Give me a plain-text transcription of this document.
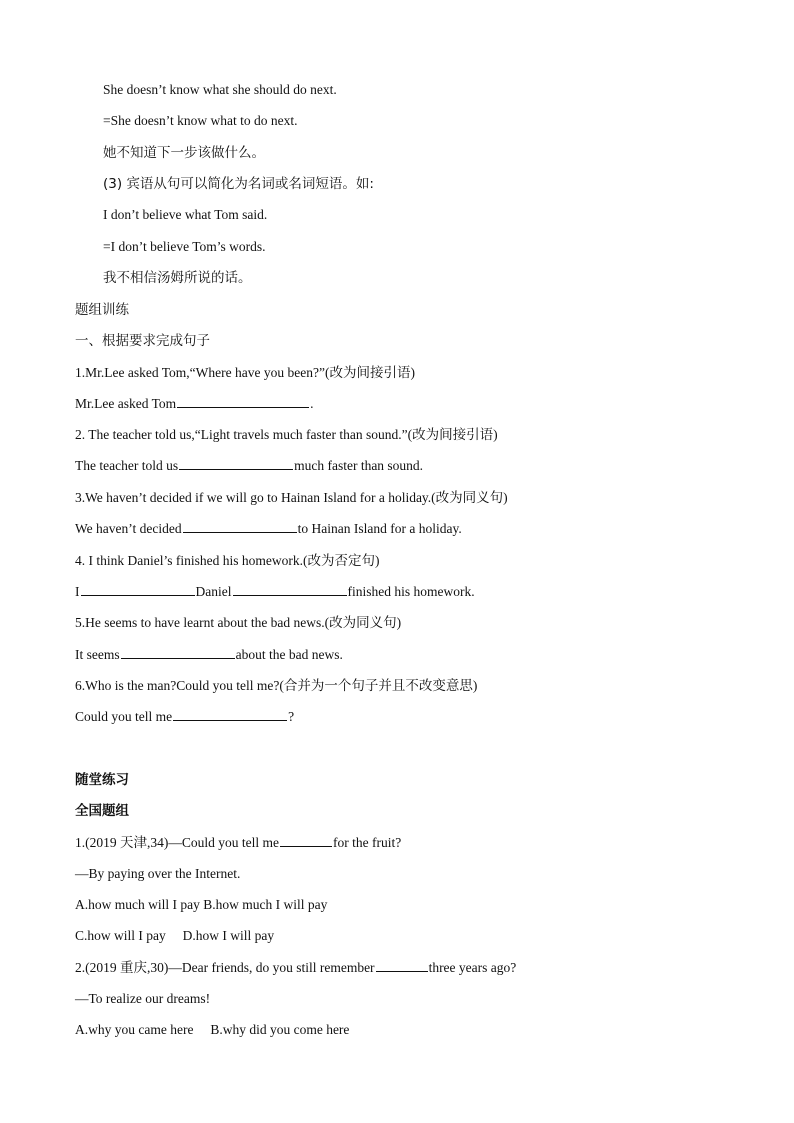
She doesn’t know what she should do next.
=She doesn’t know what to do next.
她不知道下一步该做什么。
(3) 宾语从句可以简化为名词或名词短语。如:
I don’t believe what Tom said.
=I don’t believe Tom’s words.
我不相信汤姆所说的话。
题组训练
一、根据要求完成句子
1.Mr.Lee asked Tom,“Where have you been?”(改为间接引语)
Mr.Lee asked Tom	.
2. The teacher told us,“Light travels much faster than sound.”(改为间接引语)
The teacher told us	much faster than sound.
3.We haven’t decided if we will go to Hainan Island for a holiday.(改为同义句)
We haven’t decided	to Hainan Island for a holiday.
4. I think Daniel’s finished his homework.(改为否定句)
I	Daniel	finished his homework.
5.He seems to have learnt about the bad news.(改为同义句)
It seems	about the bad news.
6.Who is the man?Could you tell me?(合并为一个句子并且不改变意思)
Could you tell me	?
随堂练习
全国题组
1.(2019 天津,34)—Could you tell me	for the fruit?
—By paying over the Internet.
A.how much will I pay B.how much I will pay
C.how will I pay     D.how I will pay
2.(2019 重庆,30)—Dear friends, do you still remember	three years ago?
—To realize our dreams!
A.why you came here     B.why did you come here
